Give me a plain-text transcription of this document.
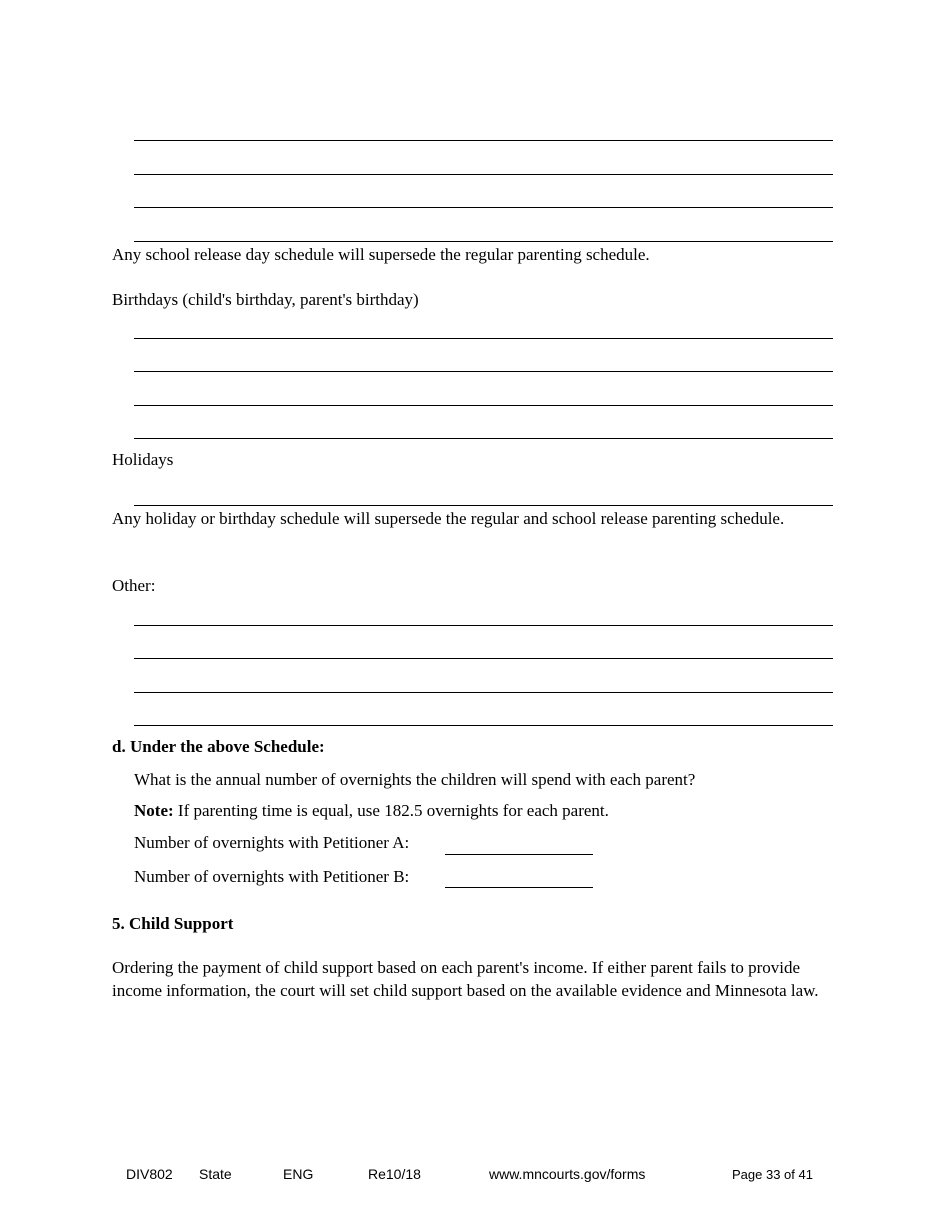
Any school release day schedule will supersede the regular parenting schedule.
Birthdays (child's birthday, parent's birthday)
Holidays
Any holiday or birthday schedule will supersede the regular and school release parenting schedule.
Other:
d. Under the above Schedule:
What is the annual number of overnights the children will spend with each parent?
Note: If parenting time is equal, use 182.5 overnights for each parent.
Number of overnights with Petitioner A:
Number of overnights with Petitioner B:
5. Child Support
Ordering the payment of child support based on each parent's income. If either parent fails to provide income information, the court will set child support based on the available evidence and Minnesota law.
DIV802 State	ENG	Re10/18	www.mncourts.gov/forms	Page 33 of 41
